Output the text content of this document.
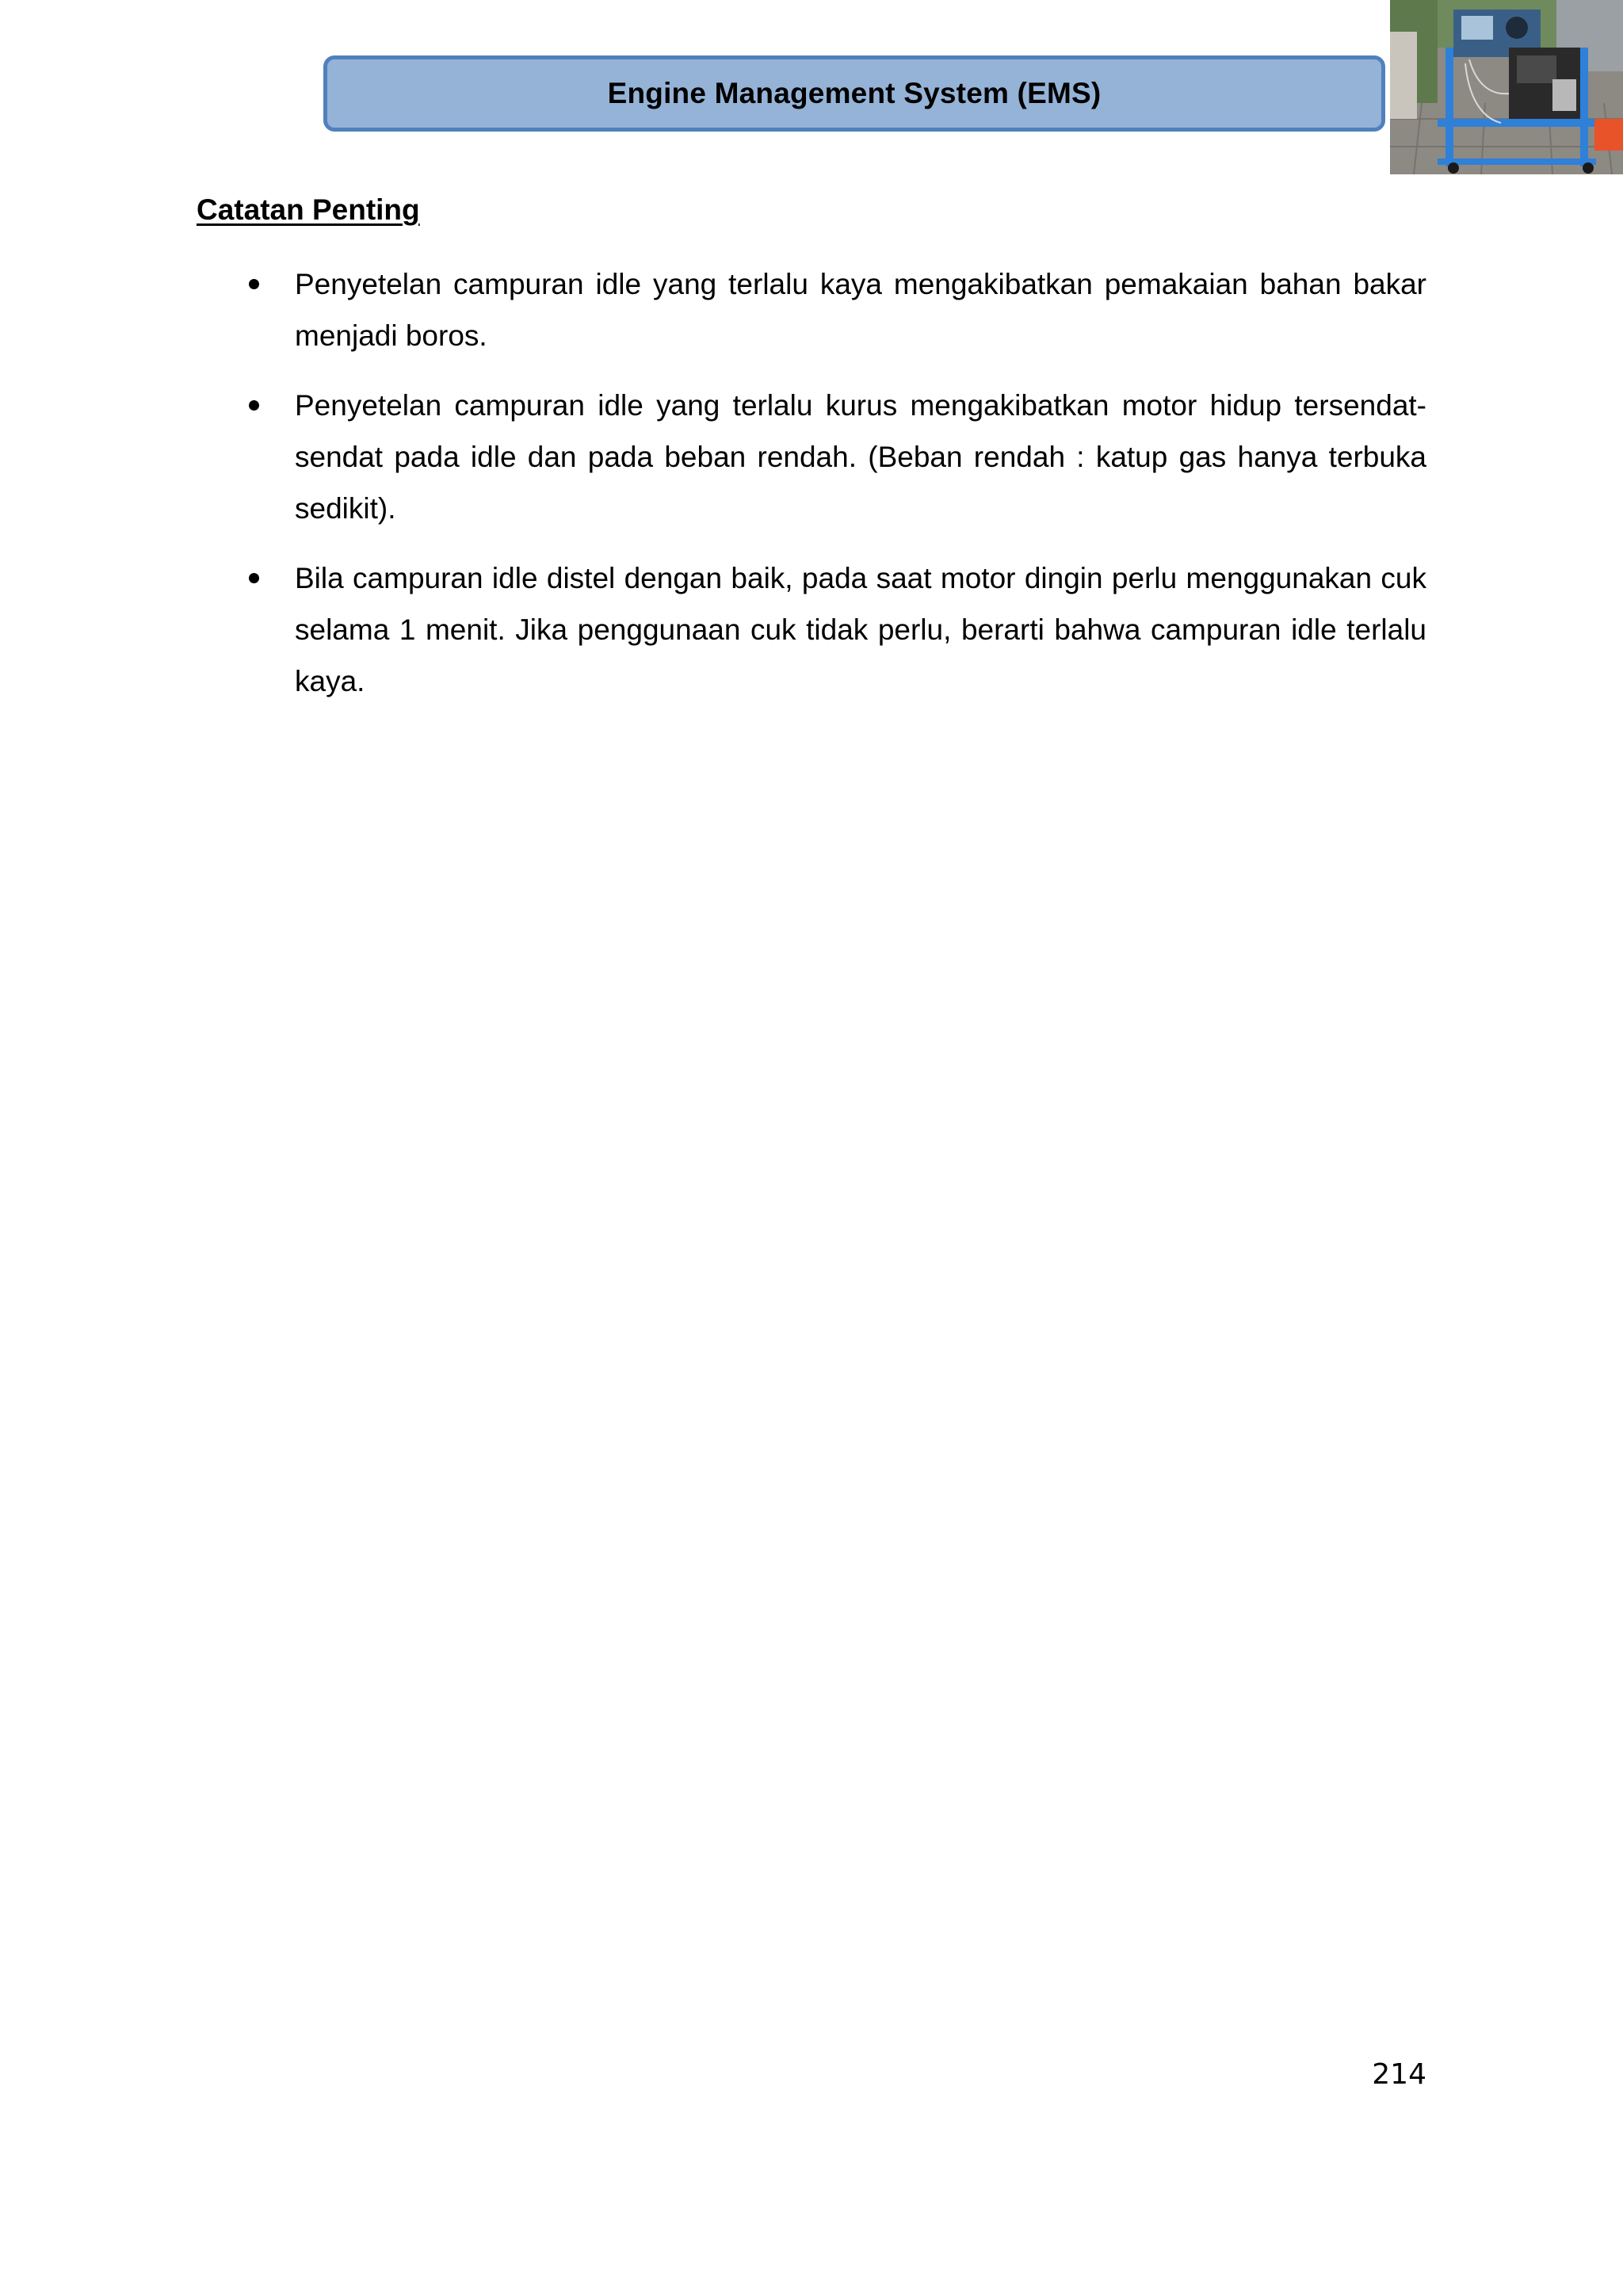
Engine Management System (EMS)
Catatan Penting
Penyetelan campuran idle yang terlalu kaya mengakibatkan pemakaian bahan bakar menjadi boros.
Penyetelan campuran idle yang terlalu kurus mengakibatkan motor hidup tersendat-sendat pada idle dan pada beban rendah. (Beban rendah : katup gas hanya terbuka sedikit).
Bila campuran idle distel dengan baik, pada saat motor dingin perlu menggunakan cuk selama 1 menit. Jika penggunaan cuk tidak perlu, berarti bahwa campuran idle terlalu kaya.
214
